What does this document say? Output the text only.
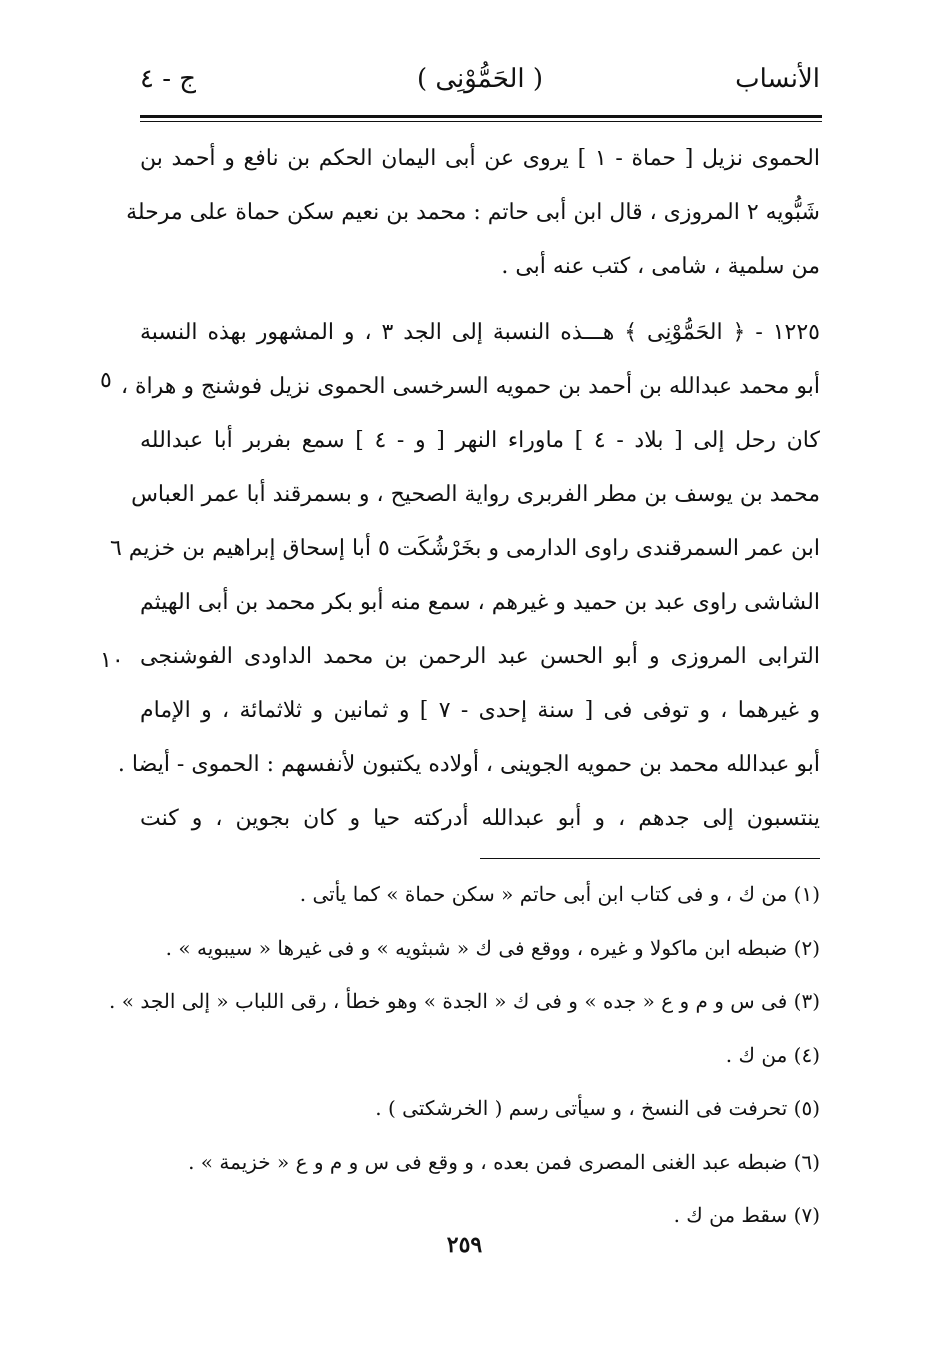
الأنساب
( الحَمُّوْنِى )
ج - ٤
الحموى نزيل [ حماة - ١ ] يروى عن أبى اليمان الحكم بن نافع و أحمد بن
شَبُّويه ٢ المروزى ، قال ابن أبى حاتم : محمد بن نعيم سكن حماة على مرحلة
من سلمية ، شامى ، كتب عنه أبى .
١٢٢٥ - ﴿ الحَمُّوْنِى ﴾ هـــذه النسبة إلى الجد ٣ ، و المشهور بهذه النسبة
أبو محمد عبدالله بن أحمد بن حمويه السرخسى الحموى نزيل فوشنج و هراة ،
كان رحل إلى [ بلاد - ٤ ] ماوراء النهر [ و - ٤ ] سمع بفربر أبا عبدالله
محمد بن يوسف بن مطر الفربرى رواية الصحيح ، و بسمرقند أبا عمر العباس
ابن عمر السمرقندى راوى الدارمى و بخَرْشُكَت ٥ أبا إسحاق إبراهيم بن خزيم ٦
الشاشى راوى عبد بن حميد و غيرهم ، سمع منه أبو بكر محمد بن أبى الهيثم
الترابى المروزى و أبو الحسن عبد الرحمن بن محمد الداودى الفوشنجى
و غيرهما ، و توفى فى [ سنة إحدى - ٧ ] و ثمانين و ثلاثمائة ، و الإمام
أبو عبدالله محمد بن حمويه الجوينى ، أولاده يكتبون لأنفسهم : الحموى - أيضا .
ينتسبون إلى جدهم ، و أبو عبدالله أدركته حيا و كان بجوين ، و كنت
٥
١٠
(١) من ك ، و فى كتاب ابن أبى حاتم « سكن حماة » كما يأتى .
(٢) ضبطه ابن ماكولا و غيره ، ووقع فى ك « شبثويه » و فى غيرها « سيبويه » .
(٣) فى س و م و ع « جده » و فى ك « الجدة » وهو خطأ ، رقى اللباب « إلى الجد » .
(٤) من ك .
(٥) تحرفت فى النسخ ، و سيأتى رسم ( الخرشكتى ) .
(٦) ضبطه عبد الغنى المصرى فمن بعده ، و وقع فى س و م و ع « خزيمة » .
(٧) سقط من ك .
٢٥٩
